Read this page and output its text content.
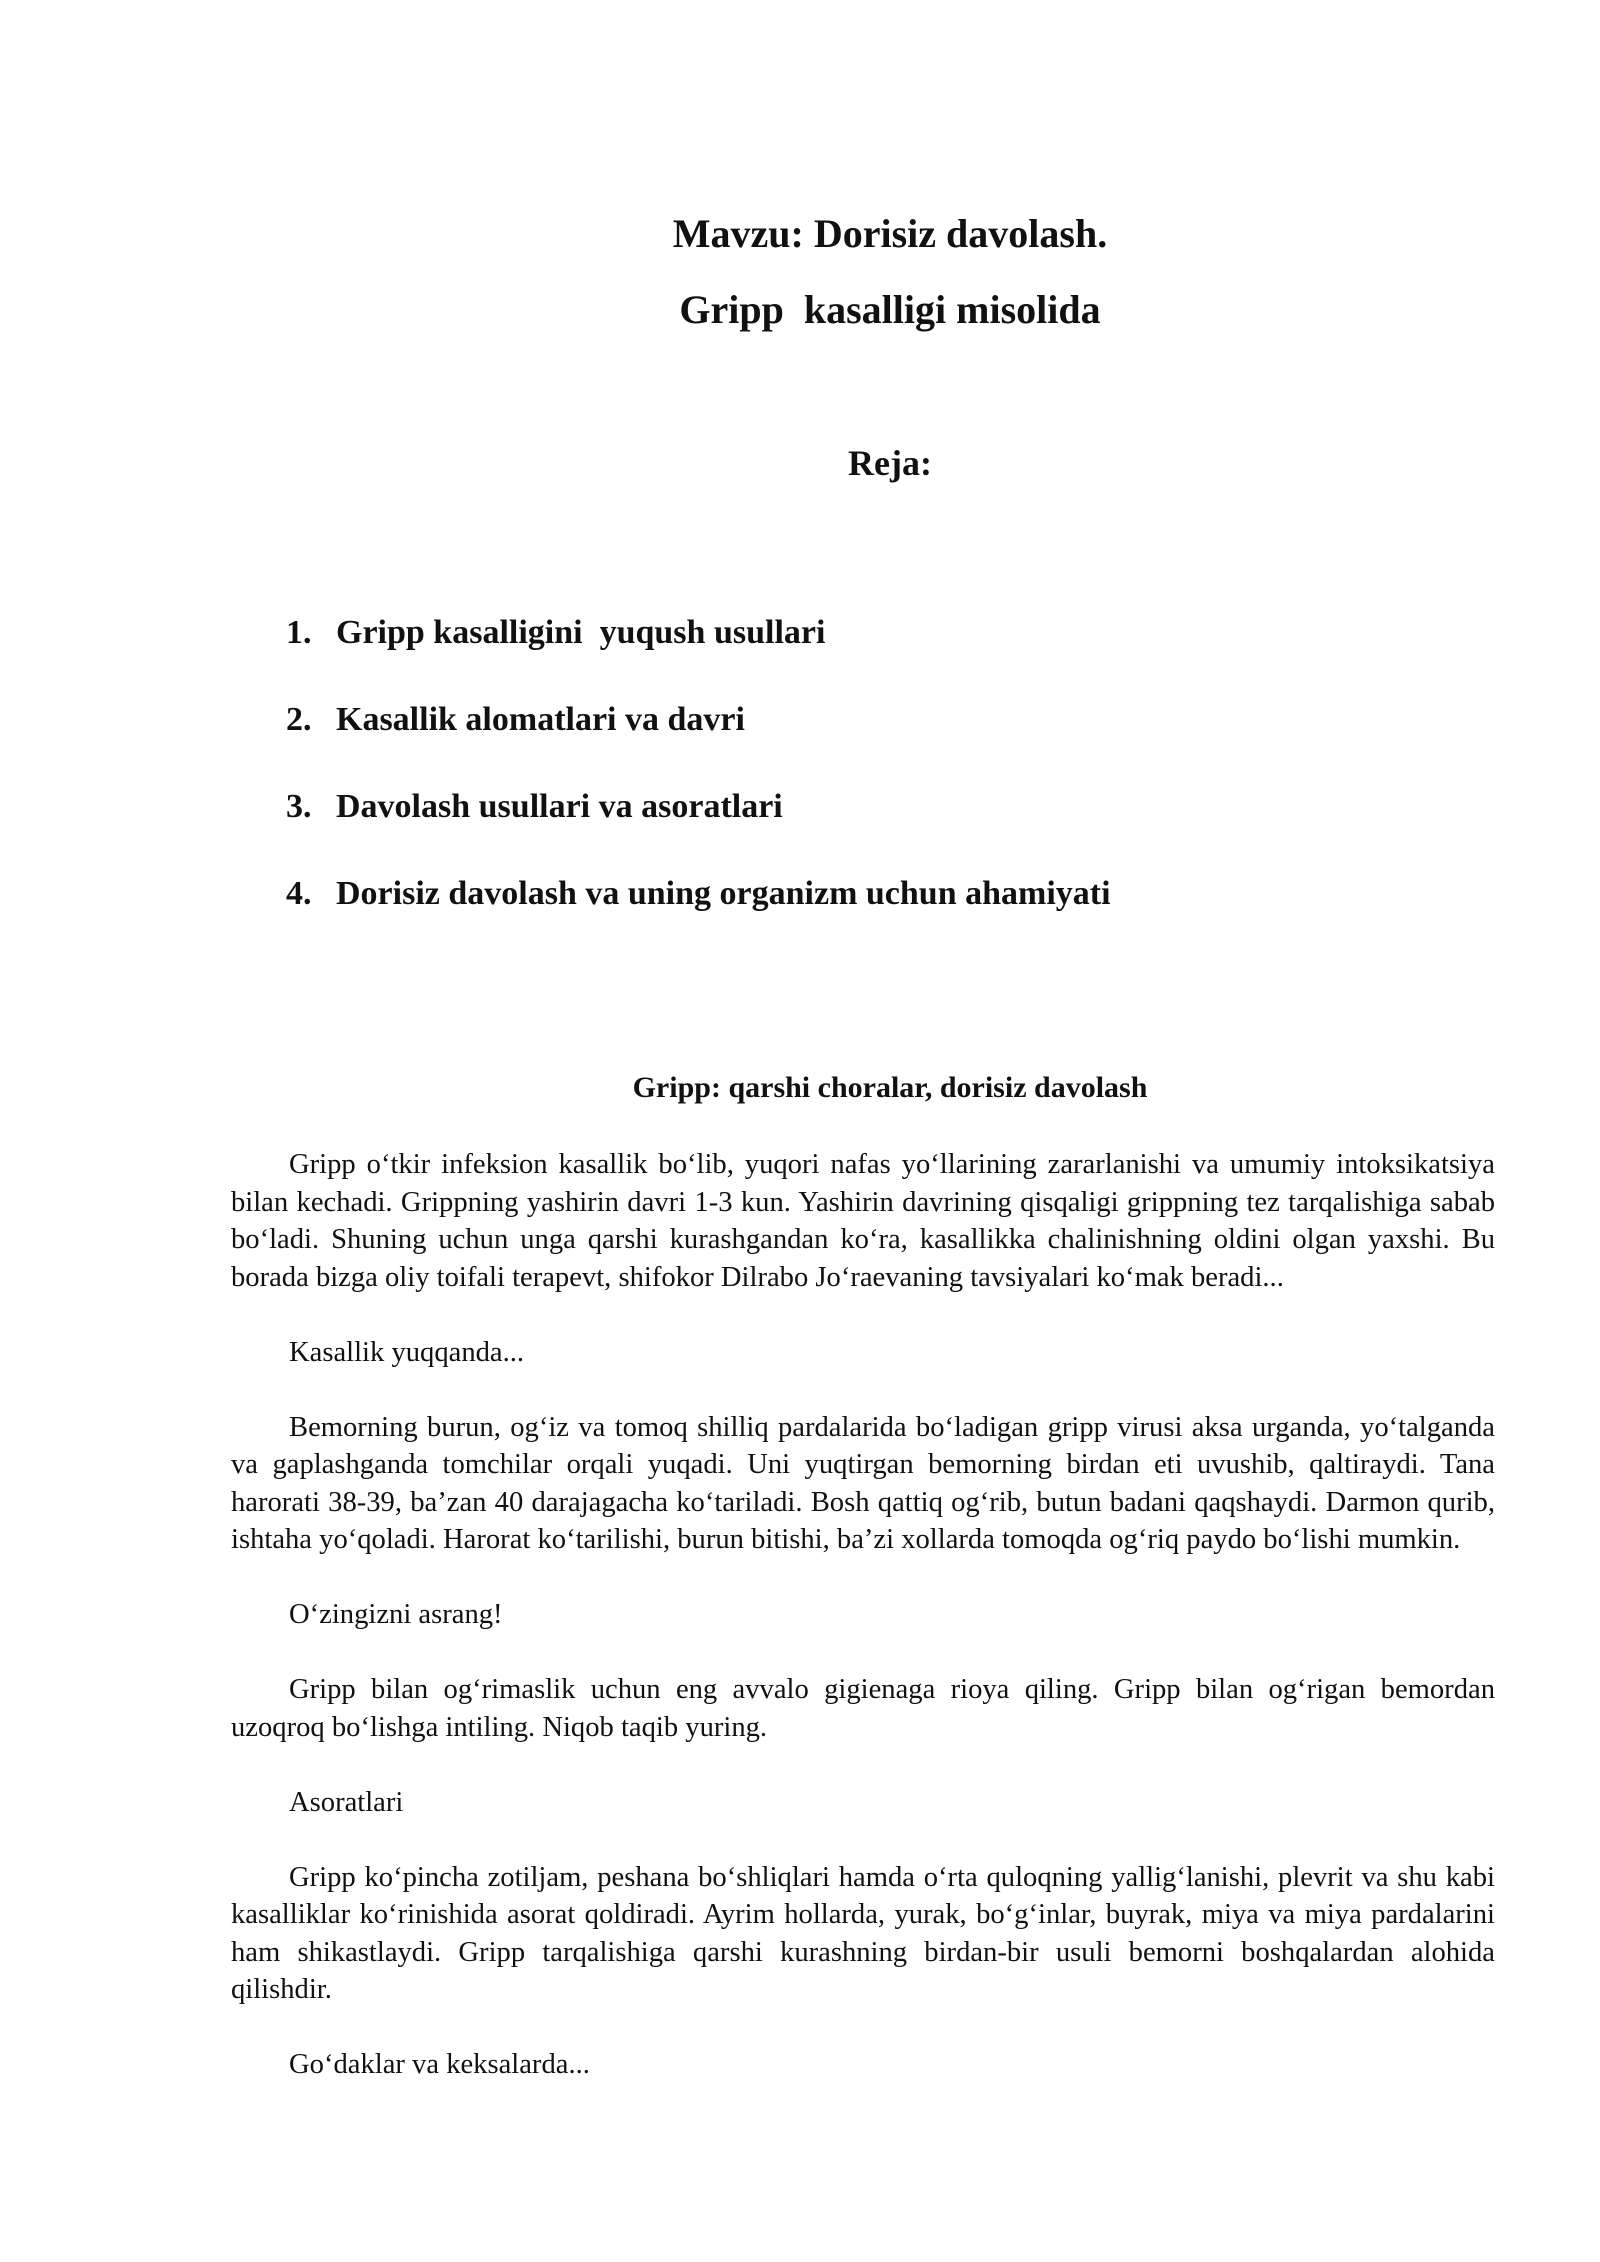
Mavzu: Dorisiz davolash.
Gripp  kasalligi misolida
Reja:
1. Gripp kasalligini  yuqush usullari
2. Kasallik alomatlari va davri
3. Davolash usullari va asoratlari
4. Dorisiz davolash va uning organizm uchun ahamiyati
Gripp: qarshi choralar, dorisiz davolash

Gripp o‘tkir infeksion kasallik bo‘lib, yuqori nafas yo‘llarining zararlanishi va umumiy intoksikatsiya bilan kechadi. Grippning yashirin davri 1-3 kun. Yashirin davrining qisqaligi grippning tez tarqalishiga sabab bo‘ladi. Shuning uchun unga qarshi kurashgandan ko‘ra, kasallikka chalinishning oldini olgan yaxshi. Bu borada bizga oliy toifali terapevt, shifokor Dilrabo Jo‘raevaning tavsiyalari ko‘mak beradi...

Kasallik yuqqanda...

Bemorning burun, og‘iz va tomoq shilliq pardalarida bo‘ladigan gripp virusi aksa urganda, yo‘talganda va gaplashganda tomchilar orqali yuqadi. Uni yuqtirgan bemorning birdan eti uvushib, qaltiraydi. Tana harorati 38-39, ba’zan 40 darajagacha ko‘tariladi. Bosh qattiq og‘rib, butun badani qaqshaydi. Darmon qurib, ishtaha yo‘qoladi. Harorat ko‘tarilishi, burun bitishi, ba’zi xollarda tomoqda og‘riq paydo bo‘lishi mumkin.

O‘zingizni asrang!

Gripp bilan og‘rimaslik uchun eng avvalo gigienaga rioya qiling. Gripp bilan og‘rigan bemordan uzoqroq bo‘lishga intiling. Niqob taqib yuring.

Asoratlari

Gripp ko‘pincha zotiljam, peshana bo‘shliqlari hamda o‘rta quloqning yallig‘lanishi, plevrit va shu kabi kasalliklar ko‘rinishida asorat qoldiradi. Ayrim hollarda, yurak, bo‘g‘inlar, buyrak, miya va miya pardalarini ham shikastlaydi. Gripp tarqalishiga qarshi kurashning birdan-bir usuli bemorni boshqalardan alohida qilishdir.

Go‘daklar va keksalarda...
